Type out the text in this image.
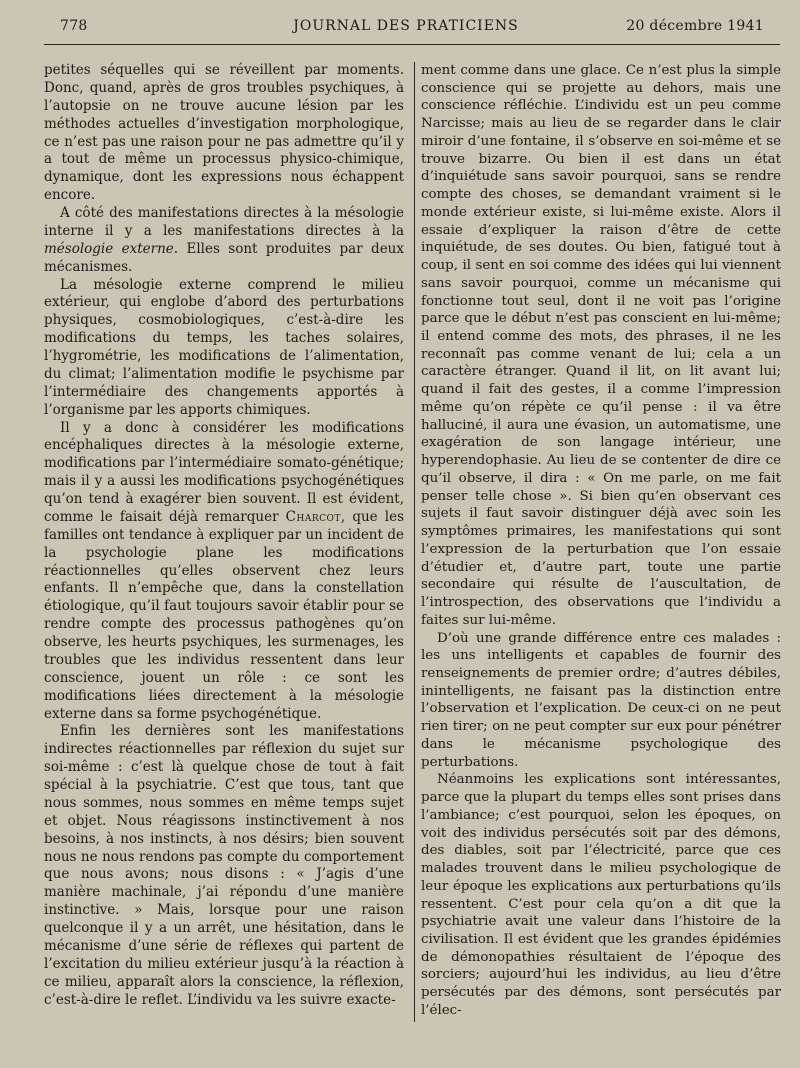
778	JOURNAL DES PRATICIENS	20 décembre 1941

petites séquelles qui se réveillent par moments. Donc, quand, après de gros troubles psychiques, à l’autopsie on ne trouve aucune lésion par les méthodes actuelles d’investigation morphologique, ce n’est pas une raison pour ne pas admettre qu’il y a tout de même un processus physico-chimique, dynamique, dont les expressions nous échappent encore.

A côté des manifestations directes à la mésologie interne il y a les manifestations directes à la mésologie externe. Elles sont produites par deux mécanismes.

La mésologie externe comprend le milieu extérieur, qui englobe d’abord des perturbations physiques, cosmobiologiques, c’est-à-dire les modifications du temps, les taches solaires, l’hygrométrie, les modifications de l’alimentation, du climat; l’alimentation modifie le psychisme par l’intermédiaire des changements apportés à l’organisme par les apports chimiques.

Il y a donc à considérer les modifications encéphaliques directes à la mésologie externe, modifications par l’intermédiaire somato-génétique; mais il y a aussi les modifications psychogénétiques qu’on tend à exagérer bien souvent. Il est évident, comme le faisait déjà remarquer Charcot, que les familles ont tendance à expliquer par un incident de la psychologie plane les modifications réactionnelles qu’elles observent chez leurs enfants. Il n’empêche que, dans la constellation étiologique, qu’il faut toujours savoir établir pour se rendre compte des processus pathogènes qu’on observe, les heurts psychiques, les surmenages, les troubles que les individus ressentent dans leur conscience, jouent un rôle : ce sont les modifications liées directement à la mésologie externe dans sa forme psychogénétique.

Enfin les dernières sont les manifestations indirectes réactionnelles par réflexion du sujet sur soi-même : c’est là quelque chose de tout à fait spécial à la psychiatrie. C’est que tous, tant que nous sommes, nous sommes en même temps sujet et objet. Nous réagissons instinctivement à nos besoins, à nos instincts, à nos désirs; bien souvent nous ne nous rendons pas compte du comportement que nous avons; nous disons : « J’agis d’une manière machinale, j’ai répondu d’une manière instinctive. » Mais, lorsque pour une raison quelconque il y a un arrêt, une hésitation, dans le mécanisme d’une série de réflexes qui partent de l’excitation du milieu extérieur jusqu’à la réaction à ce milieu, apparaît alors la conscience, la réflexion, c’est-à-dire le reflet. L’individu va les suivre exacte-

ment comme dans une glace. Ce n’est plus la simple conscience qui se projette au dehors, mais une conscience réfléchie. L’individu est un peu comme Narcisse; mais au lieu de se regarder dans le clair miroir d’une fontaine, il s’observe en soi-même et se trouve bizarre. Ou bien il est dans un état d’inquiétude sans savoir pourquoi, sans se rendre compte des choses, se demandant vraiment si le monde extérieur existe, si lui-même existe. Alors il essaie d’expliquer la raison d’être de cette inquiétude, de ses doutes. Ou bien, fatigué tout à coup, il sent en soi comme des idées qui lui viennent sans savoir pourquoi, comme un mécanisme qui fonctionne tout seul, dont il ne voit pas l’origine parce que le début n’est pas conscient en lui-même; il entend comme des mots, des phrases, il ne les reconnaît pas comme venant de lui; cela a un caractère étranger. Quand il lit, on lit avant lui; quand il fait des gestes, il a comme l’impression même qu’on répète ce qu’il pense : il va être halluciné, il aura une évasion, un automatisme, une exagération de son langage intérieur, une hyperendophasie. Au lieu de se contenter de dire ce qu’il observe, il dira : « On me parle, on me fait penser telle chose ». Si bien qu’en observant ces sujets il faut savoir distinguer déjà avec soin les symptômes primaires, les manifestations qui sont l’expression de la perturbation que l’on essaie d’étudier et, d’autre part, toute une partie secondaire qui résulte de l’auscultation, de l’introspection, des observations que l’individu a faites sur lui-même.

D’où une grande différence entre ces malades : les uns intelligents et capables de fournir des renseignements de premier ordre; d’autres débiles, inintelligents, ne faisant pas la distinction entre l’observation et l’explication. De ceux-ci on ne peut rien tirer; on ne peut compter sur eux pour pénétrer dans le mécanisme psychologique des perturbations.

Néanmoins les explications sont intéressantes, parce que la plupart du temps elles sont prises dans l’ambiance; c’est pourquoi, selon les époques, on voit des individus persécutés soit par des démons, des diables, soit par l’électricité, parce que ces malades trouvent dans le milieu psychologique de leur époque les explications aux perturbations qu’ils ressentent. C’est pour cela qu’on a dit que la psychiatrie avait une valeur dans l’histoire de la civilisation. Il est évident que les grandes épidémies de démonopathies résultaient de l’époque des sorciers; aujourd’hui les individus, au lieu d’être persécutés par des démons, sont persécutés par l’élec-
